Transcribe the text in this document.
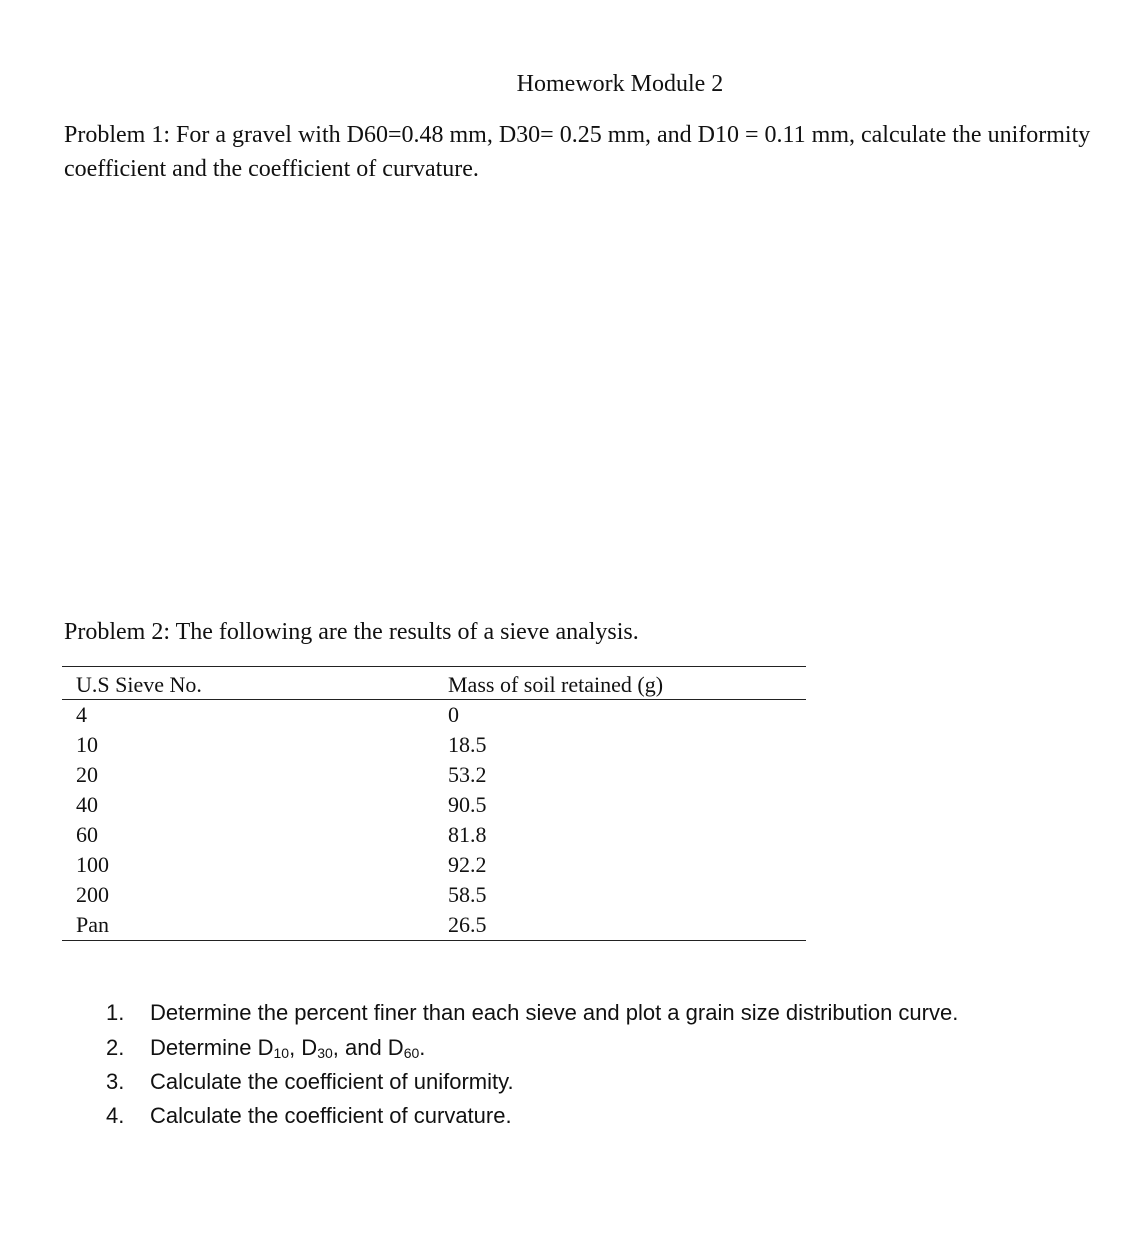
Homework Module 2
Problem 1: For a gravel with D60=0.48 mm, D30= 0.25 mm, and D10 = 0.11 mm, calculate the uniformity coefficient and the coefficient of curvature.
Problem 2: The following are the results of a sieve analysis.
U.S Sieve No.	Mass of soil retained (g)
4	0
10	18.5
20	53.2
40	90.5
60	81.8
100	92.2
200	58.5
Pan	26.5
1.	Determine the percent finer than each sieve and plot a grain size distribution curve.
2.	Determine $D_{10}$, $D_{30}$, and $D_{60}$.
3.	Calculate the coefficient of uniformity.
4.	Calculate the coefficient of curvature.
